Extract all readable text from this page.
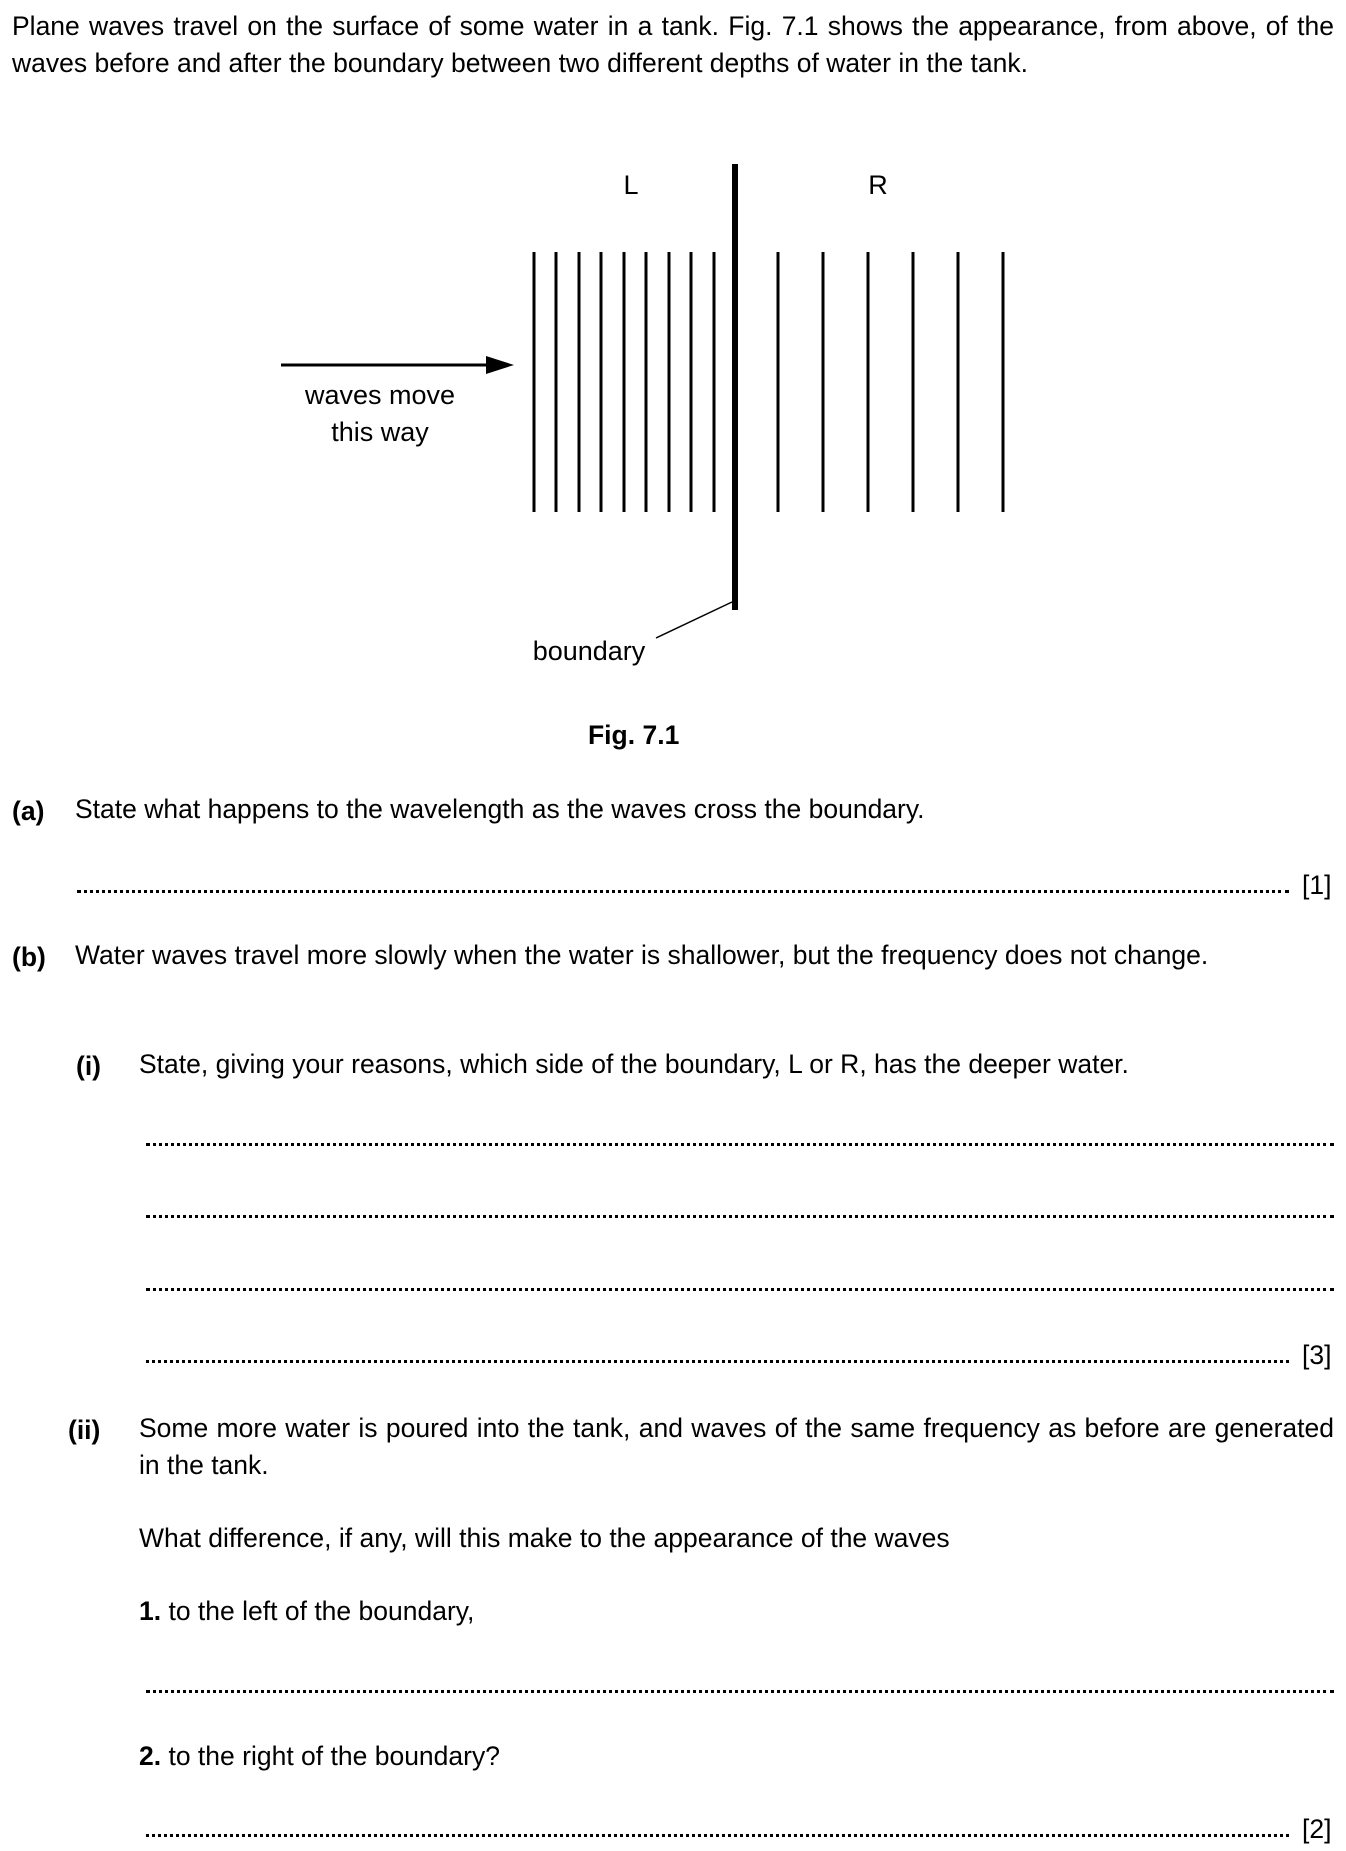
Plane waves travel on the surface of some water in a tank. Fig. 7.1 shows the appearance, from above, of the waves before and after the boundary between two different depths of water in the tank.

L	R
waves move
this way
boundary
Fig. 7.1
(a) State what happens to the wavelength as the waves cross the boundary.

[1]
(b) Water waves travel more slowly when the water is shallower, but the frequency does not change.

(i) State, giving your reasons, which side of the boundary, L or R, has the deeper water.

[3]
(ii) Some more water is poured into the tank, and waves of the same frequency as before are generated in the tank.

What difference, if any, will this make to the appearance of the waves

1. to the left of the boundary,

2. to the right of the boundary?

[2]
